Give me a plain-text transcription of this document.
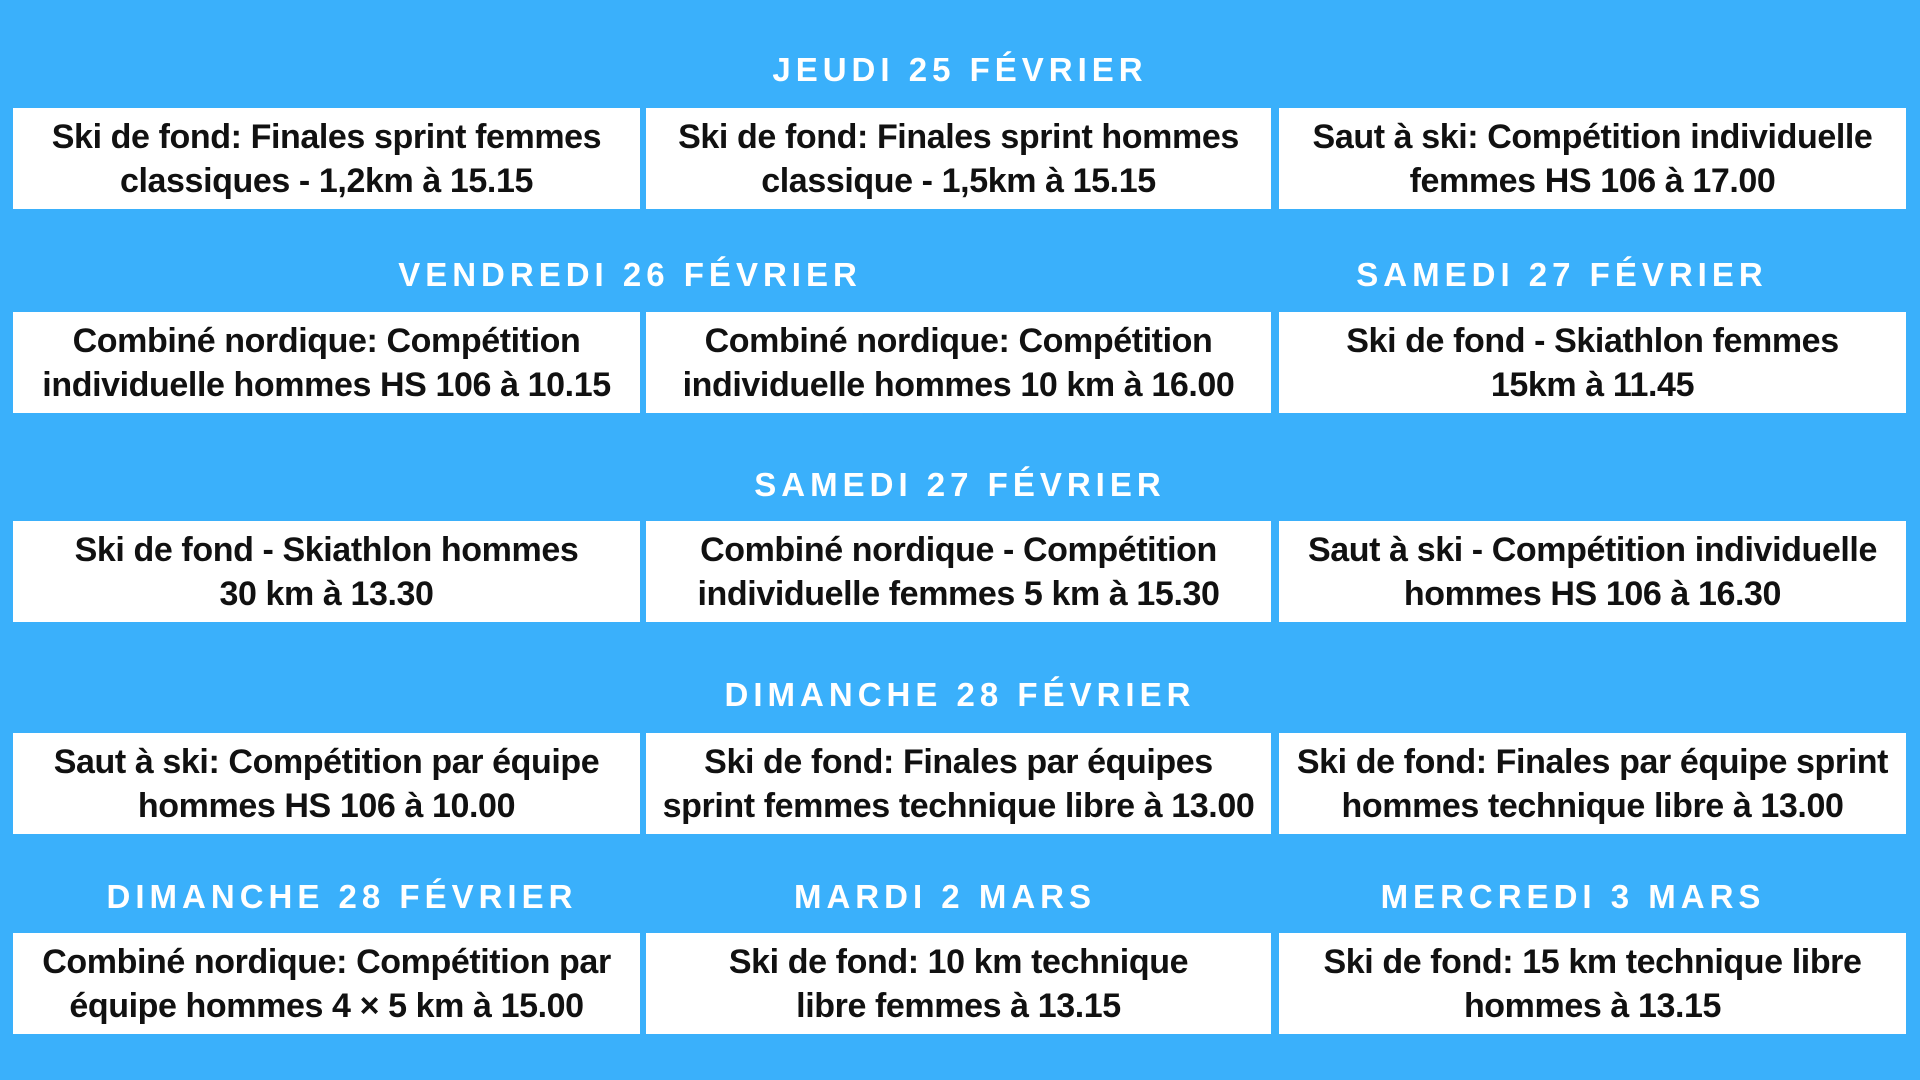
JEUDI 25 FÉVRIER
Ski de fond: Finales sprint femmes
classiques - 1,2km à 15.15
Ski de fond: Finales sprint hommes
classique - 1,5km à 15.15
Saut à ski: Compétition individuelle
femmes HS 106 à 17.00
VENDREDI 26 FÉVRIER	SAMEDI 27 FÉVRIER
Combiné nordique: Compétition
individuelle hommes HS 106 à 10.15
Combiné nordique: Compétition
individuelle hommes 10 km à 16.00
Ski de fond - Skiathlon femmes
15km à 11.45
SAMEDI 27 FÉVRIER
Ski de fond - Skiathlon hommes
30 km à 13.30
Combiné nordique - Compétition
individuelle femmes 5 km à 15.30
Saut à ski - Compétition individuelle
hommes HS 106 à 16.30
DIMANCHE 28 FÉVRIER
Saut à ski: Compétition par équipe
hommes HS 106 à 10.00
Ski de fond: Finales par équipes
sprint femmes technique libre à 13.00
Ski de fond: Finales par équipe sprint
hommes technique libre à 13.00
DIMANCHE 28 FÉVRIER	MARDI 2 MARS	MERCREDI 3 MARS
Combiné nordique: Compétition par
équipe hommes 4 × 5 km à 15.00
Ski de fond: 10 km technique
libre femmes à 13.15
Ski de fond: 15 km technique libre
hommes à 13.15
